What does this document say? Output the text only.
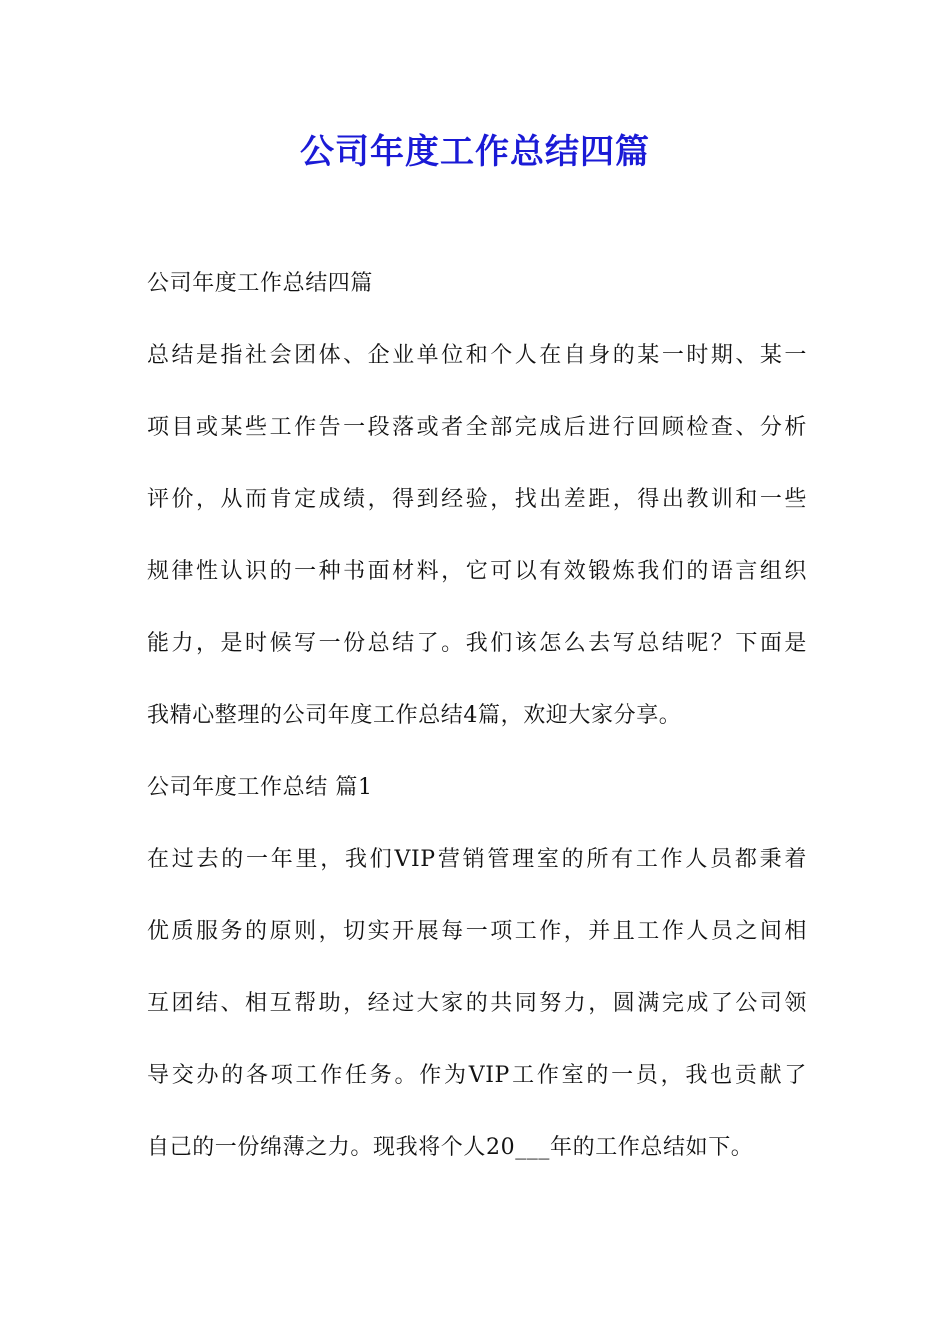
公司年度工作总结四篇
公司年度工作总结四篇
总结是指社会团体、企业单位和个人在自身的某一时期、某一
项目或某些工作告一段落或者全部完成后进行回顾检查、分析
评价，从而肯定成绩，得到经验，找出差距，得出教训和一些
规律性认识的一种书面材料，它可以有效锻炼我们的语言组织
能力，是时候写一份总结了。我们该怎么去写总结呢？下面是
我精心整理的公司年度工作总结4篇，欢迎大家分享。
公司年度工作总结 篇1
在过去的一年里，我们VIP营销管理室的所有工作人员都秉着
优质服务的原则，切实开展每一项工作，并且工作人员之间相
互团结、相互帮助，经过大家的共同努力，圆满完成了公司领
导交办的各项工作任务。作为VIP工作室的一员，我也贡献了
自己的一份绵薄之力。现我将个人20___年的工作总结如下。
